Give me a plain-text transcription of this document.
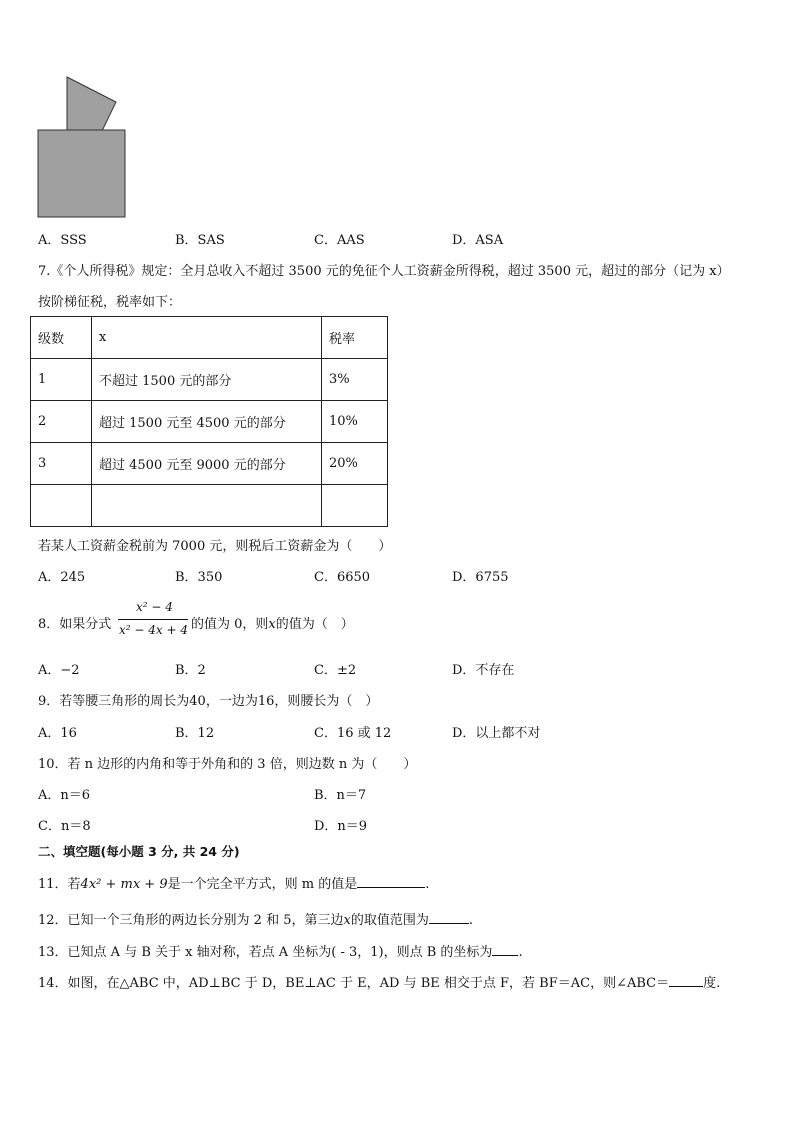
A．SSS	B．SAS	C．AAS	D．ASA
7.《个人所得税》规定：全月总收入不超过 3500 元的免征个人工资薪金所得税，超过 3500 元，超过的部分（记为 x）
按阶梯征税，税率如下：
级数	x	税率
1	不超过 1500 元的部分	3%
2	超过 1500 元至 4500 元的部分	10%
3	超过 4500 元至 9000 元的部分	20%

若某人工资薪金税前为 7000 元，则税后工资薪金为（　　）
A．245	B．350	C．6650	D．6755
8．如果分式
x² − 4
x² − 4x + 4 的值为 0，则x的值为（　）
A．−2	B．2	C．±2	D．不存在
9．若等腰三角形的周长为40，一边为16，则腰长为（　）
A．16	B．12	C．16 或 12	D．以上都不对
10．若 n 边形的内角和等于外角和的 3 倍，则边数 n 为（　　）
A．n＝6	B．n＝7
C．n＝8	D．n＝9
二、填空题(每小题 3 分, 共 24 分)
11．若4x² + mx + 9是一个完全平方式，则 m 的值是	.
12．已知一个三角形的两边长分别为 2 和 5，第三边x的取值范围为	.
13．已知点 A 与 B 关于 x 轴对称，若点 A 坐标为( - 3，1)，则点 B 的坐标为 .
14．如图，在△ABC 中，AD⊥BC 于 D，BE⊥AC 于 E，AD 与 BE 相交于点 F，若 BF＝AC，则∠ABC＝	度.
